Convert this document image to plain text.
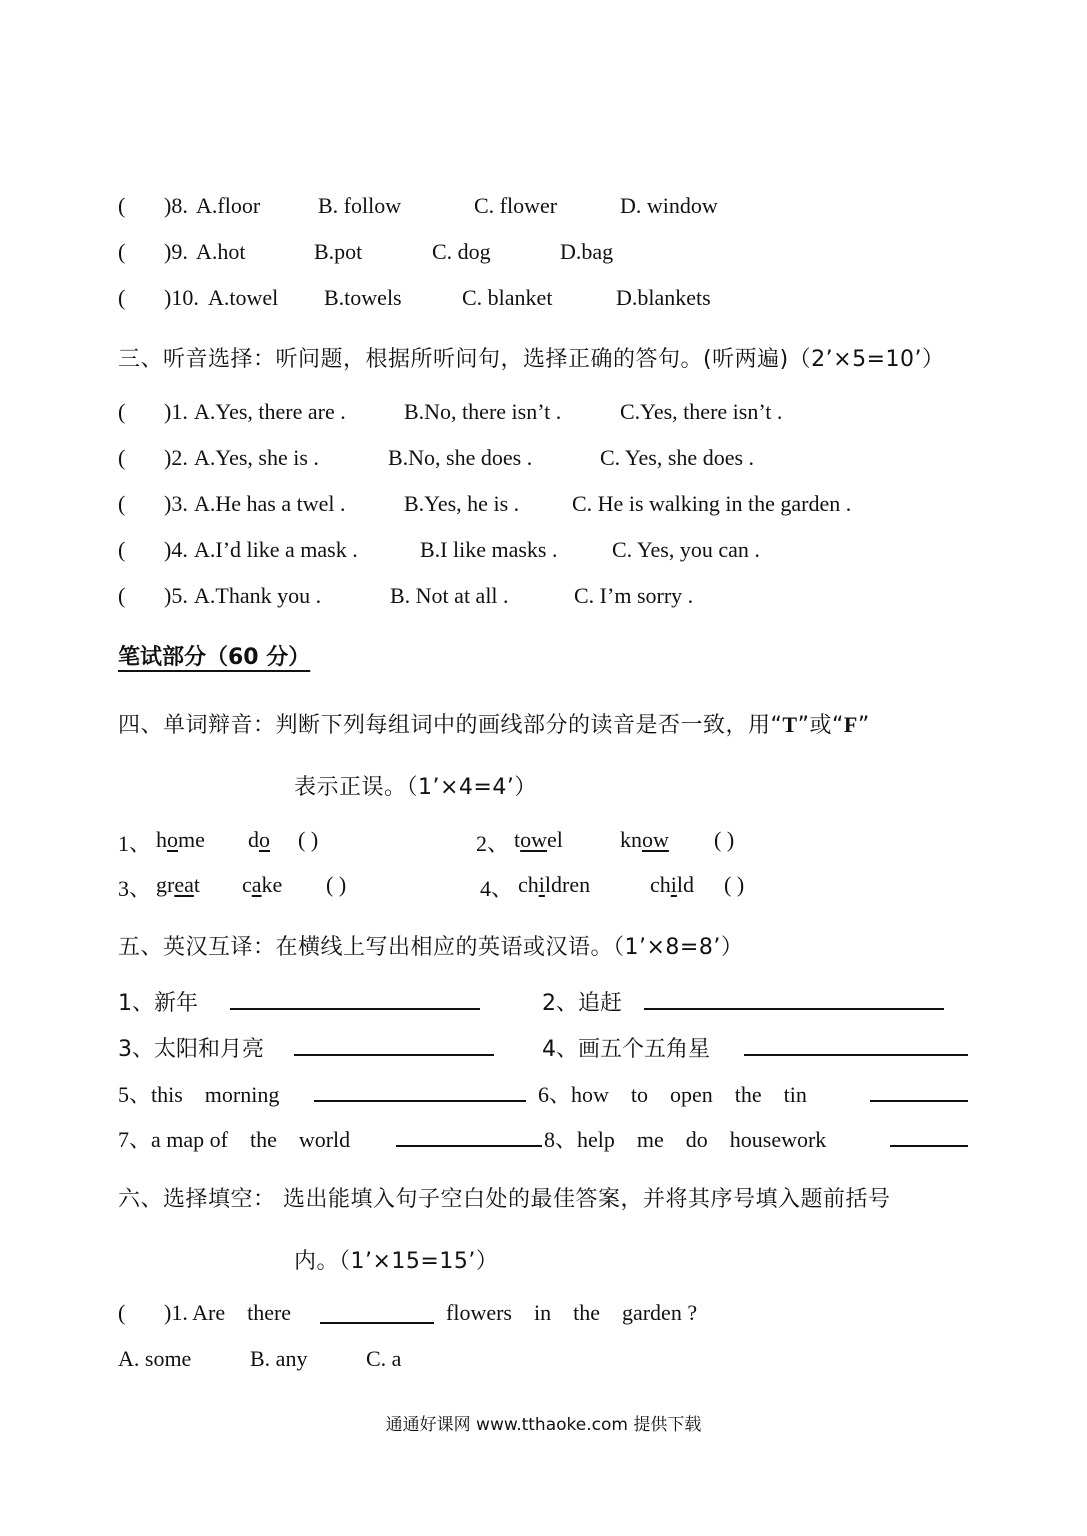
( )8. A.floor	B. follow	C. flower	D. window
( )9. A.hot	B.pot	C. dog	D.bag
( )10. A.towel B.towels	C. blanket	D.blankets
三、听音选择：听问题，根据所听问句，选择正确的答句。(听两遍)（2’×5=10’）
( )1. A.Yes, there are .	B.No, there isn’t .	C.Yes, there isn’t .
( )2. A.Yes, she is .	B.No, she does .	C. Yes, she does .
( )3. A.He has a twel .	B.Yes, he is . C. He is walking in the garden .
( )4. A.I’d like a mask .	B.I like masks . C. Yes, you can .
( )5. A.Thank you .	B. Not at all .	C. I’m sorry .
笔试部分（60 分）
四、单词辩音：判断下列每组词中的画线部分的读音是否一致，用“T”或“F”
表示正误。（1’×4=4’）
1、 home do ( )	2、 towel	know ( )
3、 great cake ( )	4、 children	child ( )
五、英汉互译：在横线上写出相应的英语或汉语。（1’×8=8’）
1、新年	2、追赶
3、太阳和月亮	4、画五个五角星
5、this    morning	6、how    to    open    the    tin
7、a map of    the    world	8、help    me    do    housework
六、选择填空： 选出能填入句子空白处的最佳答案，并将其序号填入题前括号
内。（1’×15=15’）
( )1. Are    there	flowers    in    the    garden ?
A. some	B. any	C. a
通通好课网 www.tthaoke.com 提供下载
